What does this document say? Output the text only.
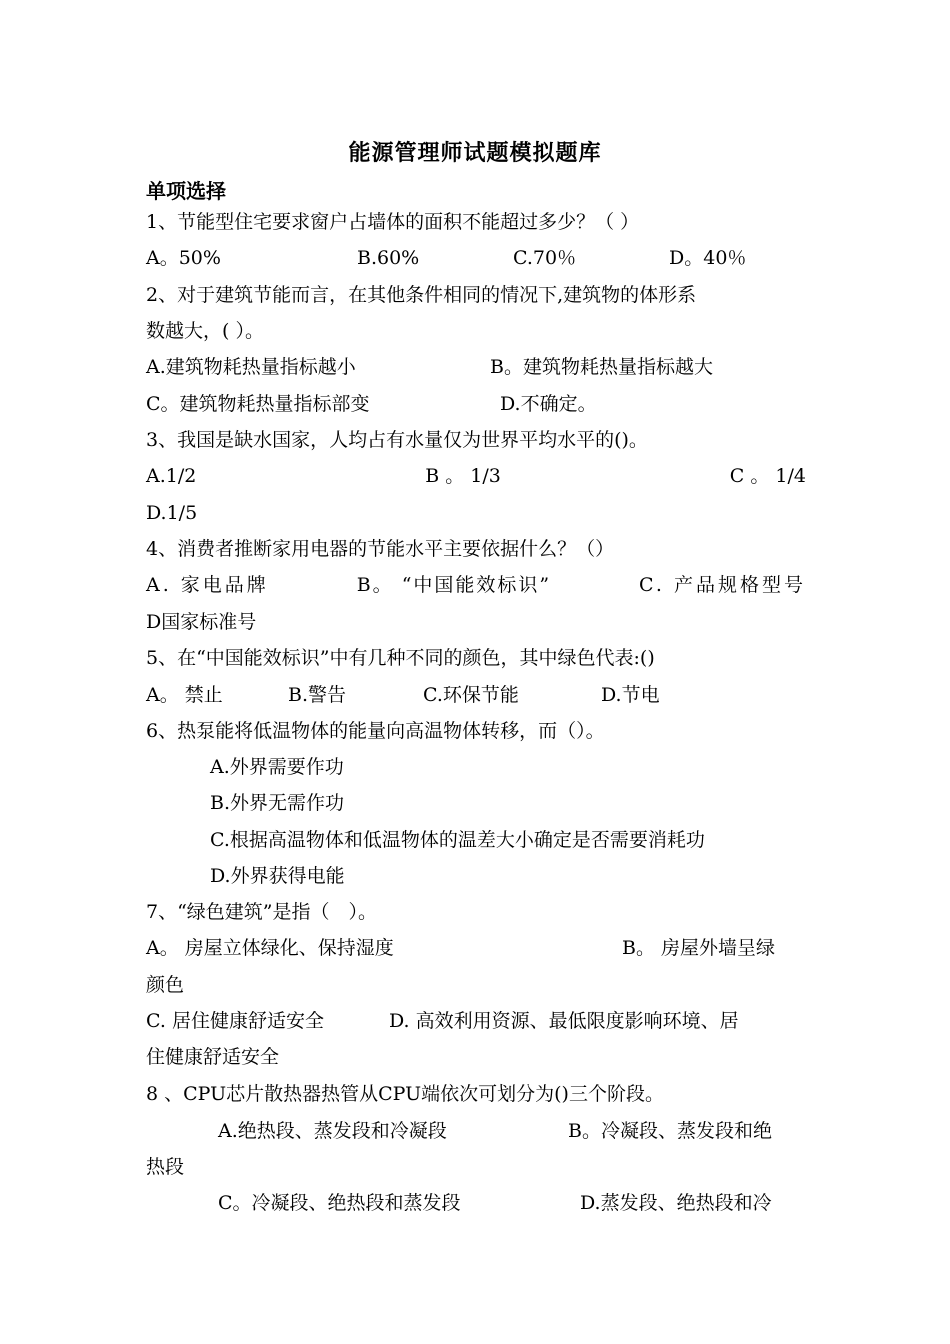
能源管理师试题模拟题库
单项选择
1、节能型住宅要求窗户占墙体的面积不能超过多少？（ ）
A。50%	B.60%	C.70％	D。40％
2、对于建筑节能而言，在其他条件相同的情况下,建筑物的体形系
数越大，( ）。
A.建筑物耗热量指标越小	B。建筑物耗热量指标越大
C。建筑物耗热量指标部变	D.不确定。
3、我国是缺水国家，人均占有水量仅为世界平均水平的()。
A.1/2	B 。 1/3	C 。 1/4
D.1/5
4、消费者推断家用电器的节能水平主要依据什么？（）
A. 家电品牌	B。 “中国能效标识”	C. 产品规格型号
D国家标准号
5、在“中国能效标识”中有几种不同的颜色，其中绿色代表:()
A。 禁止	B.警告	C.环保节能	D.节电
6、热泵能将低温物体的能量向高温物体转移，而（）。
A.外界需要作功
B.外界无需作功
C.根据高温物体和低温物体的温差大小确定是否需要消耗功
D.外界获得电能
7、“绿色建筑”是指（　）。
A。 房屋立体绿化、保持湿度	B。 房屋外墙呈绿
颜色
C. 居住健康舒适安全	D. 高效利用资源、最低限度影响环境、居
住健康舒适安全
8 、CPU芯片散热器热管从CPU端依次可划分为()三个阶段。
A.绝热段、蒸发段和冷凝段	B。冷凝段、蒸发段和绝
热段
C。冷凝段、绝热段和蒸发段	D.蒸发段、绝热段和冷
